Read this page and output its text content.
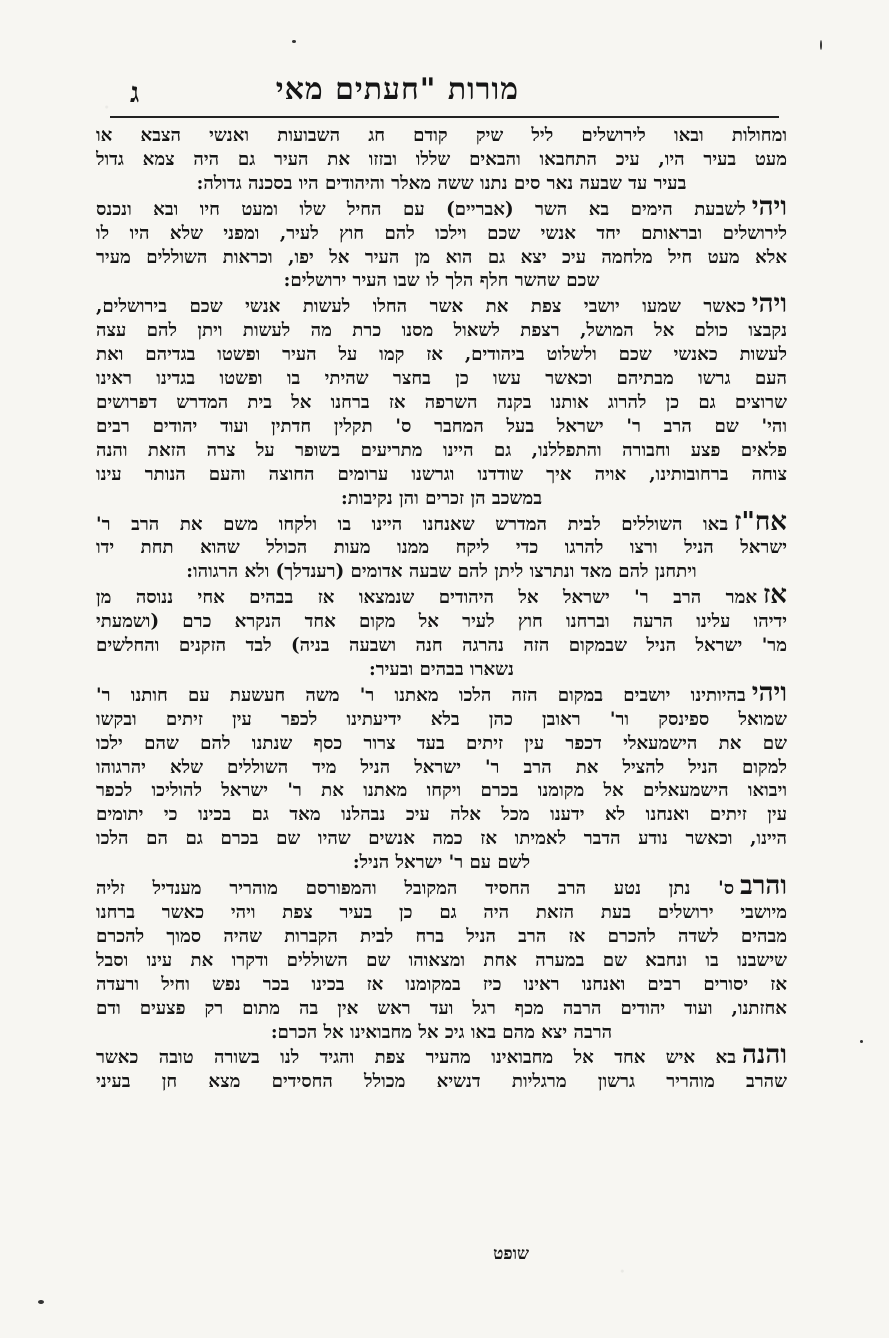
מורות "חעתים מאי
ג
ומחולות ובאו לירושלים ליל שיק קודם חג השבועות ואנשי הצבא או
מעט בעיר היו, עיכ התחבאו והבאים שללו ובזזו את העיר גם היה צמא גדול
בעיר עד שבעה נאר סים נתנו ששה מאלר והיהודים היו בסכנה גדולה:
ויהילשבעת הימים בא השר (אבריים) עם החיל שלו ומעט חיו ובא ונכנס
לירושלים ובראותם יחד אנשי שכם וילכו להם חוץ לעיר, ומפני שלא היו לו
אלא מעט חיל מלחמה עיכ יצא גם הוא מן העיר אל יפו, וכראות השוללים מעיר
שכם שהשר חלף הלך לו שבו העיר ירושלים:
ויהיכאשר שמעו יושבי צפת את אשר החלו לעשות אנשי שכם בירושלים,
נקבצו כולם אל המושל, רצפת לשאול מסנו כרת מה לעשות ויתן להם עצה
לעשות כאנשי שכם ולשלוט ביהודים, אז קמו על העיר ופשטו בגדיהם ואת
העם גרשו מבתיהם וכאשר עשו כן בחצר שהיתי בו ופשטו בגדינו ראינו
שרוצים גם כן להרוג אותנו בקנה השרפה אז ברחנו אל בית המדרש דפרושים
והי' שם הרב ר' ישראל בעל המחבר ס' תקלין חדתין ועוד יהודים רבים
פלאים פצע וחבורה והתפללנו, גם היינו מתריעים בשופר על צרה הזאת והנה
צוחה ברחובותינו, אויה איך שודדנו וגרשנו ערומים החוצה והעם הנותר עינו
במשכב הן זכרים והן נקיבות:
אח"זבאו השוללים לבית המדרש שאנחנו היינו בו ולקחו משם את הרב ר'
ישראל הניל ורצו להרגו כדי ליקח ממנו מעות הכולל שהוא תחת ידו
ויתחנן להם מאד ונתרצו ליתן להם שבעה אדומים (רענדלך) ולא הרגוהו:
אזאמר הרב ר' ישראל אל היהודים שנמצאו אז בבהים אחי ננוסה מן
ידיהו עלינו הרעה וברחנו חוץ לעיר אל מקום אחד הנקרא כרם (ושמעתי
מר' ישראל הניל שבמקום הזה נהרגה חנה ושבעה בניה) לבד הזקנים והחלשים
נשארו בבהים ובעיר:
ויהיבהיותינו יושבים במקום הזה הלכו מאתנו ר' משה חעשעת עם חותנו ר'
שמואל ספינסק ור' ראובן כהן בלא ידיעתינו לכפר עין זיתים ובקשו
שם את הישמעאלי דכפר עין זיתים בעד צרור כסף שנתנו להם שהם ילכו
למקום הניל להציל את הרב ר' ישראל הניל מיד השוללים שלא יהרגוהו
ויבואו הישמעאלים אל מקומנו בכרם ויקחו מאתנו את ר' ישראל להוליכו לכפר
עין זיתים ואנחנו לא ידענו מכל אלה עיכ נבהלנו מאד גם בכינו כי יתומים
היינו, וכאשר נודע הדבר לאמיתו אז כמה אנשים שהיו שם בכרם גם הם הלכו
לשם עם ר' ישראל הניל:
והרבס' נתן נטע הרב החסיד המקובל והמפורסם מוהריר מענדיל זליה
מיושבי ירושלים בעת הזאת היה גם כן בעיר צפת ויהי כאשר ברחנו
מבהים לשדה להכרם אז הרב הניל ברח לבית הקברות שהיה סמוך להכרם
שישבנו בו ונחבא שם במערה אחת ומצאוהו שם השוללים ודקרו את עינו וסבל
אז יסורים רבים ואנחנו ראינו כיז במקומנו אז בכינו בכר נפש וחיל ורעדה
אחזתנו, ועוד יהודים הרבה מכף רגל ועד ראש אין בה מתום רק פצעים ודם
הרבה יצא מהם באו גיכ אל מחבואינו אל הכרם:
והנהבא איש אחד אל מחבואינו מהעיר צפת והגיד לנו בשורה טובה כאשר
שהרב מוהריר גרשון מרגליות דנשיא מכולל החסידים מצא חן בעיני
שופט
